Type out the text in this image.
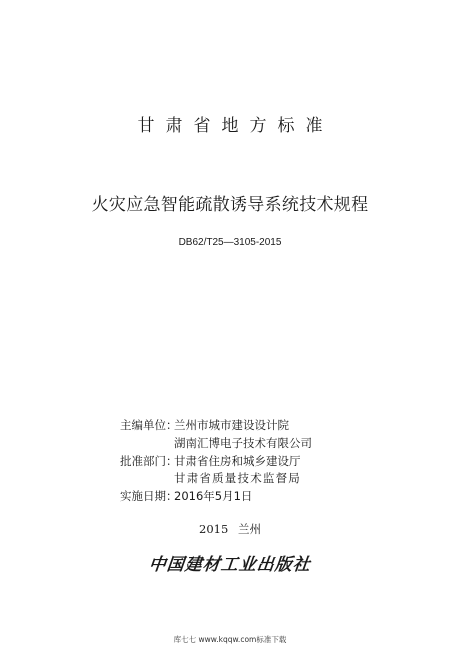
甘肃省地方标准
火灾应急智能疏散诱导系统技术规程
DB62/T25—3105-2015
主编单位：
兰州市城市建设设计院
湖南汇博电子技术有限公司
批准部门：
甘肃省住房和城乡建设厅
甘肃省质量技术监督局
实施日期：
2016年5月1日
2015 兰州
中国建材工业出版社
库七七 www.kqqw.com标准下载
